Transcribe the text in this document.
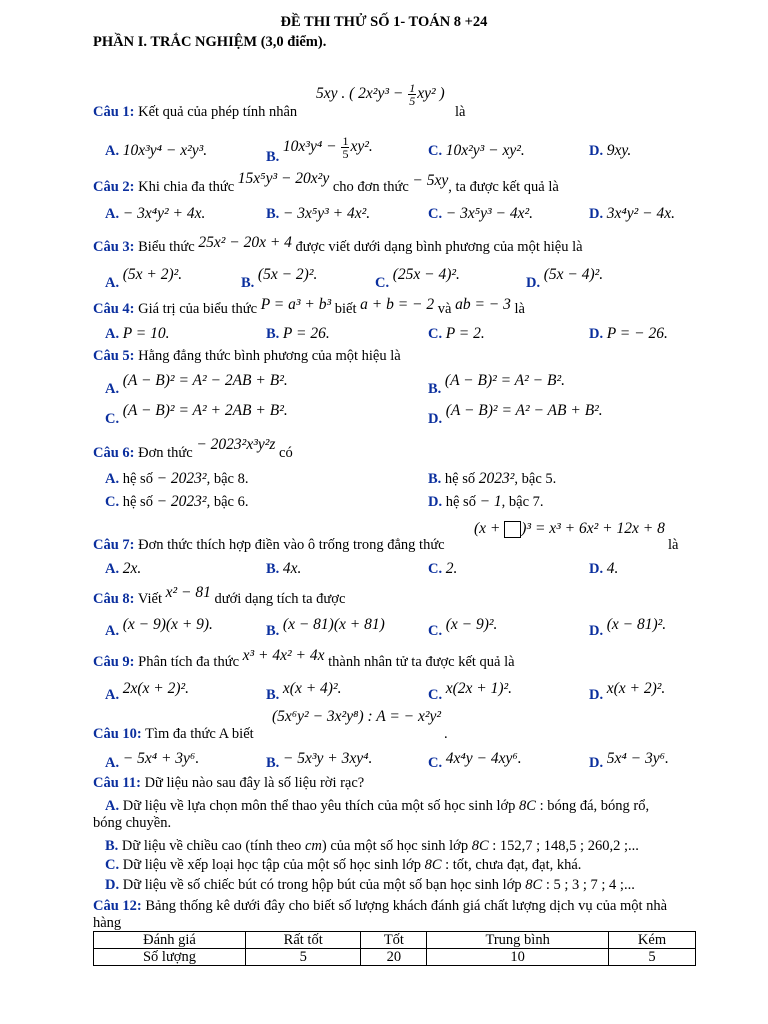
ĐỀ THI THỬ SỐ 1- TOÁN 8 +24
PHẦN I. TRẮC NGHIỆM (3,0 điểm).
5xy . ( $2x^2y^3 - \frac{1}{5} xy^2$ )
Câu 1: Kết quả của phép tính nhân	là
A. 10x³y⁴ − x²y³.	B. $10x^3y^4 - \frac{1}{5} xy^2$.	C. 10x²y³ − xy².	D. 9xy.
Câu 2: Khi chia đa thức 15x⁵y³ − 20x²y cho đơn thức − 5xy, ta được kết quả là
A. − 3x⁴y² + 4x.	B. − 3x⁵y³ + 4x².	C. − 3x⁵y³ − 4x².	D. 3x⁴y² − 4x.
Câu 3: Biểu thức 25x² − 20x + 4 được viết dưới dạng bình phương của một hiệu là
A. (5x + 2)².	B. (5x − 2)².	C. (25x − 4)².	D. (5x − 4)².
Câu 4: Giá trị của biểu thức P = a³ + b³ biết a + b = − 2 và ab = − 3 là
A. P = 10.	B. P = 26.	C. P = 2.	D. P = − 26.
Câu 5: Hằng đẳng thức bình phương của một hiệu là
A. (A − B)² = A² − 2AB + B².	B. (A − B)² = A² − B².
C. (A − B)² = A² + 2AB + B².	D. (A − B)² = A² − AB + B².
Câu 6: Đơn thức − 2023²x³y²z có
A. hệ số − 2023², bậc 8.	B. hệ số 2023², bậc 5.
C. hệ số − 2023², bậc 6.	D. hệ số − 1, bậc 7.
(x + )³ = x³ + 6x² + 12x + 8
Câu 7: Đơn thức thích hợp điền vào ô trống trong đẳng thức	là
A. 2x.	B. 4x.	C. 2.	D. 4.
Câu 8: Viết x² − 81 dưới dạng tích ta được
A. (x − 9)(x + 9).	B. (x − 81)(x + 81)	C. (x − 9)².	D. (x − 81)².
Câu 9: Phân tích đa thức x³ + 4x² + 4x thành nhân tử ta được kết quả là
A. 2x(x + 2)².	B. x(x + 4)².	C. x(2x + 1)².	D. x(x + 2)².
(5x⁶y² − 3x²y⁸) : A = − x²y²
Câu 10: Tìm đa thức A biết	.
A. − 5x⁴ + 3y⁶.	B. − 5x³y + 3xy⁴.	C. 4x⁴y − 4xy⁶.	D. 5x⁴ − 3y⁶.
Câu 11: Dữ liệu nào sau đây là số liệu rời rạc?
A. Dữ liệu về lựa chọn môn thể thao yêu thích của một số học sinh lớp 8C : bóng đá, bóng rổ,
bóng chuyền.
B. Dữ liệu về chiều cao (tính theo cm) của một số học sinh lớp 8C : 152,7 ; 148,5 ; 260,2 ;...
C. Dữ liệu về xếp loại học tập của một số học sinh lớp 8C : tốt, chưa đạt, đạt, khá.
D. Dữ liệu về số chiếc bút có trong hộp bút của một số bạn học sinh lớp 8C : 5 ; 3 ; 7 ; 4 ;...
Câu 12: Bảng thống kê dưới đây cho biết số lượng khách đánh giá chất lượng dịch vụ của một nhà
hàng
Đánh giá	Rất tốt	Tốt	Trung bình	Kém
Số lượng	5	20	10	5
